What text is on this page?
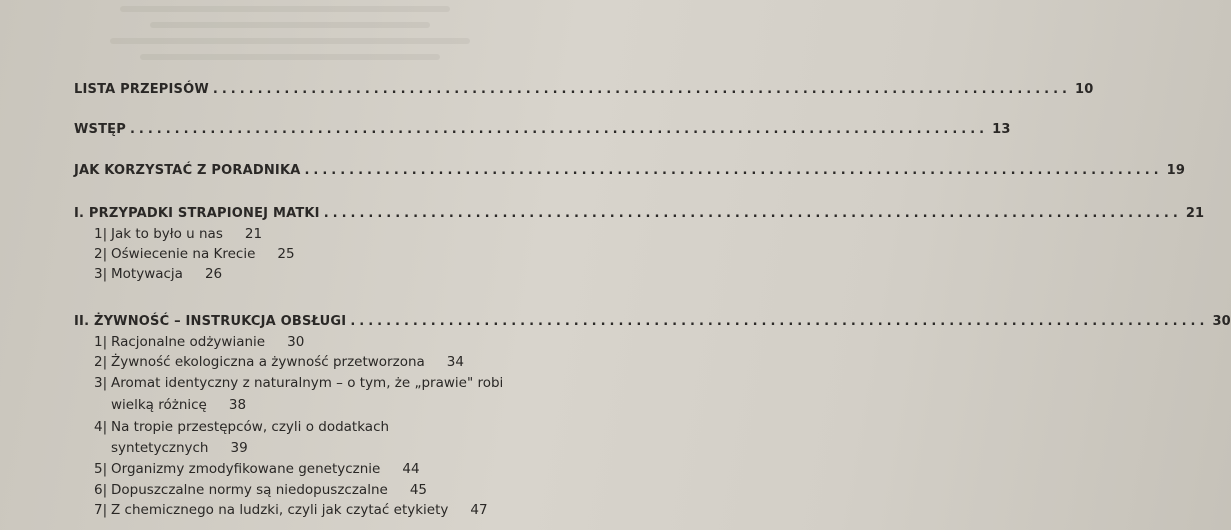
LISTA PRZEPISÓW ................................................................................................ 10
WSTĘP ................................................................................................ 13
JAK KORZYSTAĆ Z PORADNIKA ................................................................................................ 19
I. PRZYPADKI STRAPIONEJ MATKI ................................................................................................ 21
1| Jak to było u nas 21
2| Oświecenie na Krecie 25
3| Motywacja 26
II. ŻYWNOŚĆ – INSTRUKCJA OBSŁUGI ................................................................................................ 30
1| Racjonalne odżywianie 30
2| Żywność ekologiczna a żywność przetworzona 34
3| Aromat identyczny z naturalnym – o tym, że „prawie" robi
wielką różnicę 38
4| Na tropie przestępców, czyli o dodatkach
syntetycznych 39
5| Organizmy zmodyfikowane genetycznie 44
6| Dopuszczalne normy są niedopuszczalne 45
7| Z chemicznego na ludzki, czyli jak czytać etykiety 47
